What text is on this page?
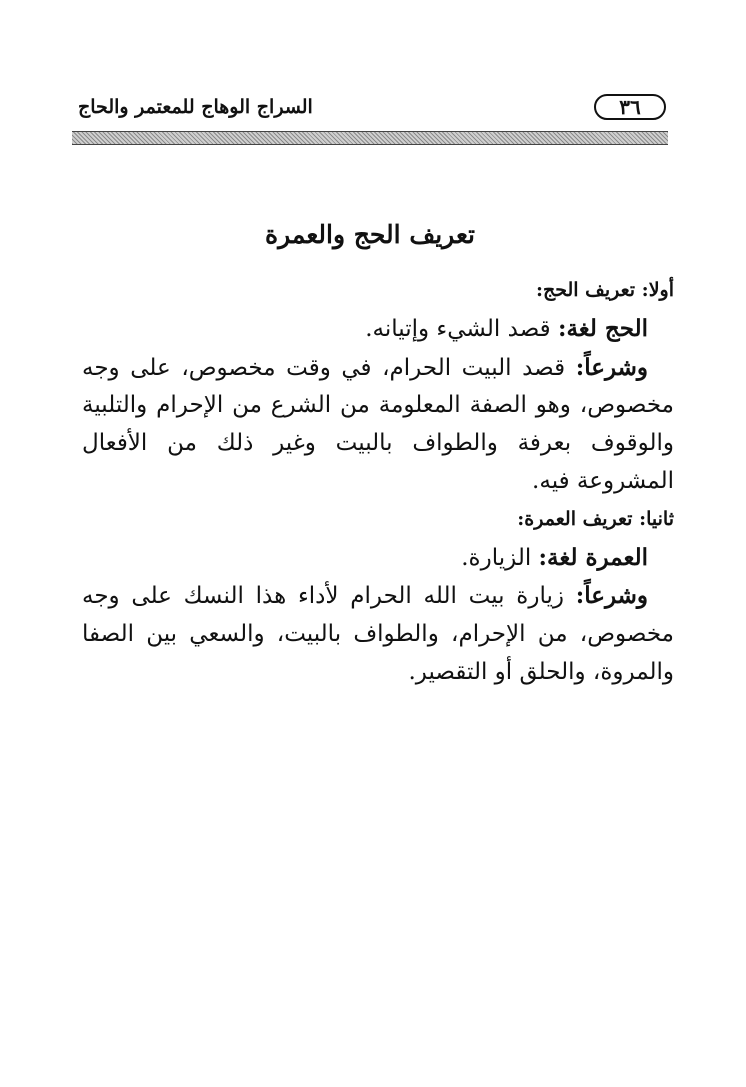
٣٦
السراج الوهاج للمعتمر والحاج
تعريف الحج والعمرة

أولا: تعريف الحج:

الحج لغة: قصد الشيء وإتيانه.

وشرعاً: قصد البيت الحرام، في وقت مخصوص، على وجه مخصوص، وهو الصفة المعلومة من الشرع من الإحرام والتلبية والوقوف بعرفة والطواف بالبيت وغير ذلك من الأفعال المشروعة فيه.

ثانيا: تعريف العمرة:

العمرة لغة: الزيارة.

وشرعاً: زيارة بيت الله الحرام لأداء هذا النسك على وجه مخصوص، من الإحرام، والطواف بالبيت، والسعي بين الصفا والمروة، والحلق أو التقصير.
